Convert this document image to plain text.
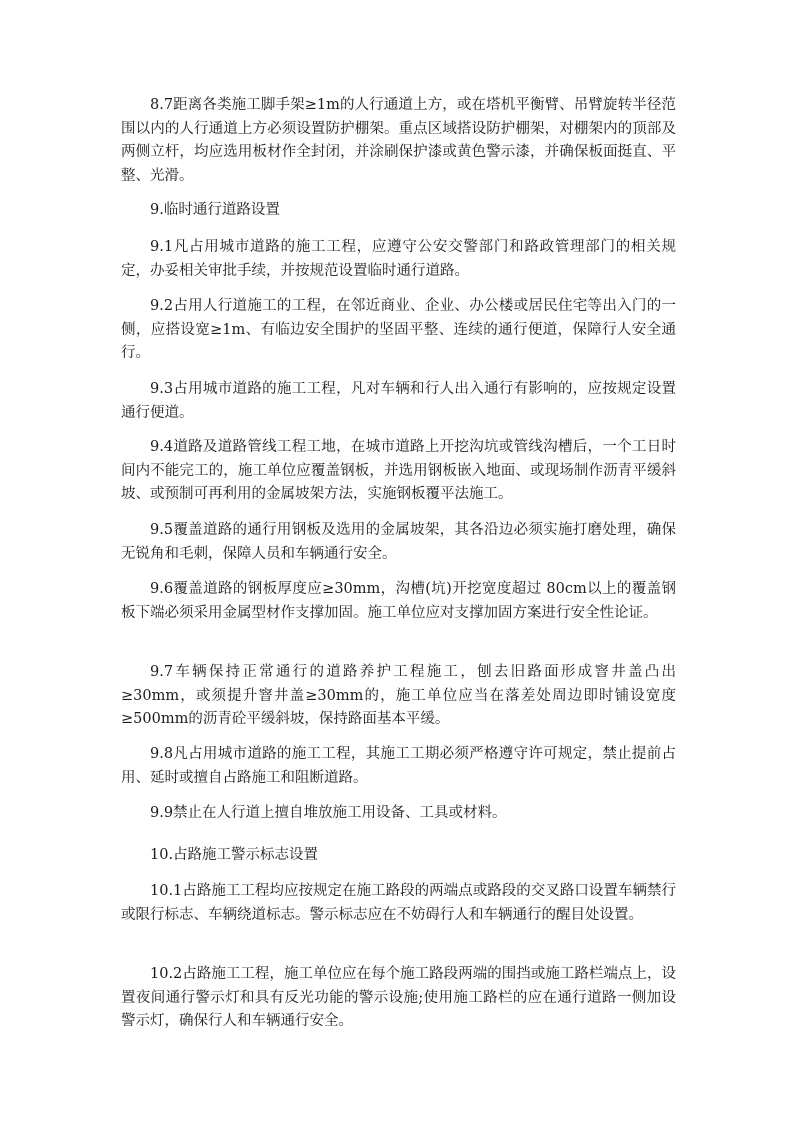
8.7距离各类施工脚手架≥1m的人行通道上方，或在塔机平衡臂、吊臂旋转半径范围以内的人行通道上方必须设置防护棚架。重点区域搭设防护棚架，对棚架内的顶部及两侧立杆，均应选用板材作全封闭，并涂刷保护漆或黄色警示漆，并确保板面挺直、平整、光滑。

9.临时通行道路设置

9.1凡占用城市道路的施工工程，应遵守公安交警部门和路政管理部门的相关规定，办妥相关审批手续，并按规范设置临时通行道路。

9.2占用人行道施工的工程，在邻近商业、企业、办公楼或居民住宅等出入门的一侧，应搭设宽≥1m、有临边安全围护的坚固平整、连续的通行便道，保障行人安全通行。

9.3占用城市道路的施工工程，凡对车辆和行人出入通行有影响的，应按规定设置通行便道。

9.4道路及道路管线工程工地，在城市道路上开挖沟坑或管线沟槽后，一个工日时间内不能完工的，施工单位应覆盖钢板，并选用钢板嵌入地面、或现场制作沥青平缓斜坡、或预制可再利用的金属坡架方法，实施钢板覆平法施工。

9.5覆盖道路的通行用钢板及选用的金属坡架，其各沿边必须实施打磨处理，确保无锐角和毛刺，保障人员和车辆通行安全。

9.6覆盖道路的钢板厚度应≥30mm，沟槽(坑)开挖宽度超过 80cm以上的覆盖钢板下端必须采用金属型材作支撑加固。施工单位应对支撑加固方案进行安全性论证。

9.7车辆保持正常通行的道路养护工程施工，刨去旧路面形成窨井盖凸出≥30mm，或须提升窨井盖≥30mm的，施工单位应当在落差处周边即时铺设宽度≥500mm的沥青砼平缓斜坡，保持路面基本平缓。

9.8凡占用城市道路的施工工程，其施工工期必须严格遵守许可规定，禁止提前占用、延时或擅自占路施工和阻断道路。

9.9禁止在人行道上擅自堆放施工用设备、工具或材料。

10.占路施工警示标志设置

10.1占路施工工程均应按规定在施工路段的两端点或路段的交叉路口设置车辆禁行或限行标志、车辆绕道标志。警示标志应在不妨碍行人和车辆通行的醒目处设置。

10.2占路施工工程，施工单位应在每个施工路段两端的围挡或施工路栏端点上，设置夜间通行警示灯和具有反光功能的警示设施;使用施工路栏的应在通行道路一侧加设警示灯，确保行人和车辆通行安全。
